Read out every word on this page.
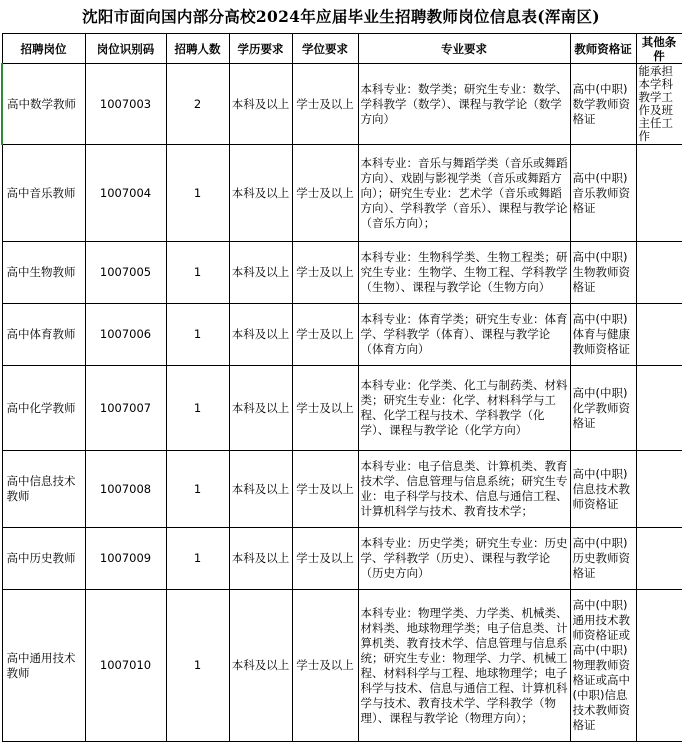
沈阳市面向国内部分高校2024年应届毕业生招聘教师岗位信息表(浑南区)
招聘岗位	岗位识别码	招聘人数	学历要求	学位要求	专业要求	教师资格证	其他条件
高中数学教师	1007003	2	本科及以上	学士及以上	本科专业：数学类；研究生专业：数学、学科教学（数学）、课程与教学论（数学方向）	高中(中职)数学教师资格证	能承担本学科教学工作及班主任工作
高中音乐教师	1007004	1	本科及以上	学士及以上	本科专业：音乐与舞蹈学类（音乐或舞蹈方向）、戏剧与影视学类（音乐或舞蹈方向）；研究生专业：艺术学（音乐或舞蹈方向）、学科教学（音乐）、课程与教学论（音乐方向）；	高中(中职)音乐教师资格证	
高中生物教师	1007005	1	本科及以上	学士及以上	本科专业：生物科学类、生物工程类；研究生专业：生物学、生物工程、学科教学（生物）、课程与教学论（生物方向）	高中(中职)生物教师资格证	
高中体育教师	1007006	1	本科及以上	学士及以上	本科专业：体育学类；研究生专业：体育学、学科教学（体育）、课程与教学论（体育方向）	高中(中职)体育与健康教师资格证	
高中化学教师	1007007	1	本科及以上	学士及以上	本科专业：化学类、化工与制药类、材料类；研究生专业：化学、材料科学与工程、化学工程与技术、学科教学（化学）、课程与教学论（化学方向）	高中(中职)化学教师资格证	
高中信息技术教师	1007008	1	本科及以上	学士及以上	本科专业：电子信息类、计算机类、教育技术学、信息管理与信息系统；研究生专业：电子科学与技术、信息与通信工程、计算机科学与技术、教育技术学；	高中(中职)信息技术教师资格证	
高中历史教师	1007009	1	本科及以上	学士及以上	本科专业：历史学类；研究生专业：历史学、学科教学（历史）、课程与教学论（历史方向）	高中(中职)历史教师资格证	
高中通用技术教师	1007010	1	本科及以上	学士及以上	本科专业：物理学类、力学类、机械类、材料类、地球物理学类；电子信息类、计算机类、教育技术学、信息管理与信息系统；研究生专业：物理学、力学、机械工程、材料科学与工程、地球物理学；电子科学与技术、信息与通信工程、计算机科学与技术、教育技术学、学科教学（物理）、课程与教学论（物理方向）；	高中(中职)通用技术教师资格证或高中(中职)物理教师资格证或高中(中职)信息技术教师资格证	
